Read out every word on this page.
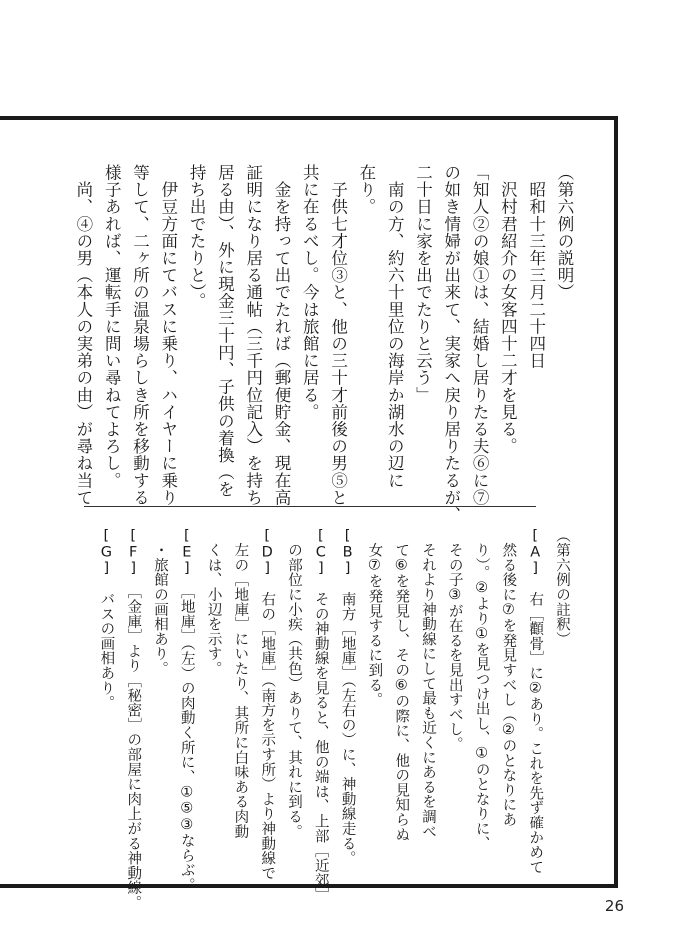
（第六例の説明）
　昭和十三年三月二十四日
　沢村君紹介の女客四十二才を見る。
「知人②の娘①は、結婚し居りたる夫⑥に⑦
の如き情婦が出来て、実家へ戻り居りたるが、
二十日に家を出でたりと云う」
　南の方、約六十里位の海岸か湖水の辺に
在り。
　子供七才位③と、他の三十才前後の男⑤と
共に在るべし。今は旅館に居る。
　金を持って出でたれば（郵便貯金、現在高
証明になり居る通帖（三千円位記入）を持ち
居る由）、外に現金三十円、子供の着換（を
持ち出でたりと）。
　伊豆方面にてバスに乗り、ハイヤーに乗り
等して、二ヶ所の温泉場らしき所を移動する
様子あれば、運転手に問い尋ねてよろし。
　尚、④の男（本人の実弟の由）が尋ね当て
（第六例の註釈）
[A]　右［顴骨］に②あり。これを先ず確かめて
　然る後に⑦を発見すべし（②のとなりにあ
　り）。②より①を見つけ出し、①のとなりに、
　その子③が在るを見出すべし。
　それより神動線にして最も近くにあるを調べ
　て⑥を発見し、その⑥の際に、他の見知らぬ
　女⑦を発見するに到る。
[B]　南方［地庫］（左右の）に、神動線走る。
[C]　その神動線を見ると、他の端は、上部［近郊］
　の部位に小疾（共色）ありて、其れに到る。
[D]　右の［地庫］（南方を示す所）より神動線で
　左の［地庫］にいたり、其所に白味ある肉動
　くは、小辺を示す。
[E]　［地庫］（左）の肉動く所に、①⑤③ならぶ。
　・旅館の画相あり。
[F]　［金庫］より［秘密］の部屋に肉上がる神動線。
[G]　バスの画相あり。
26
